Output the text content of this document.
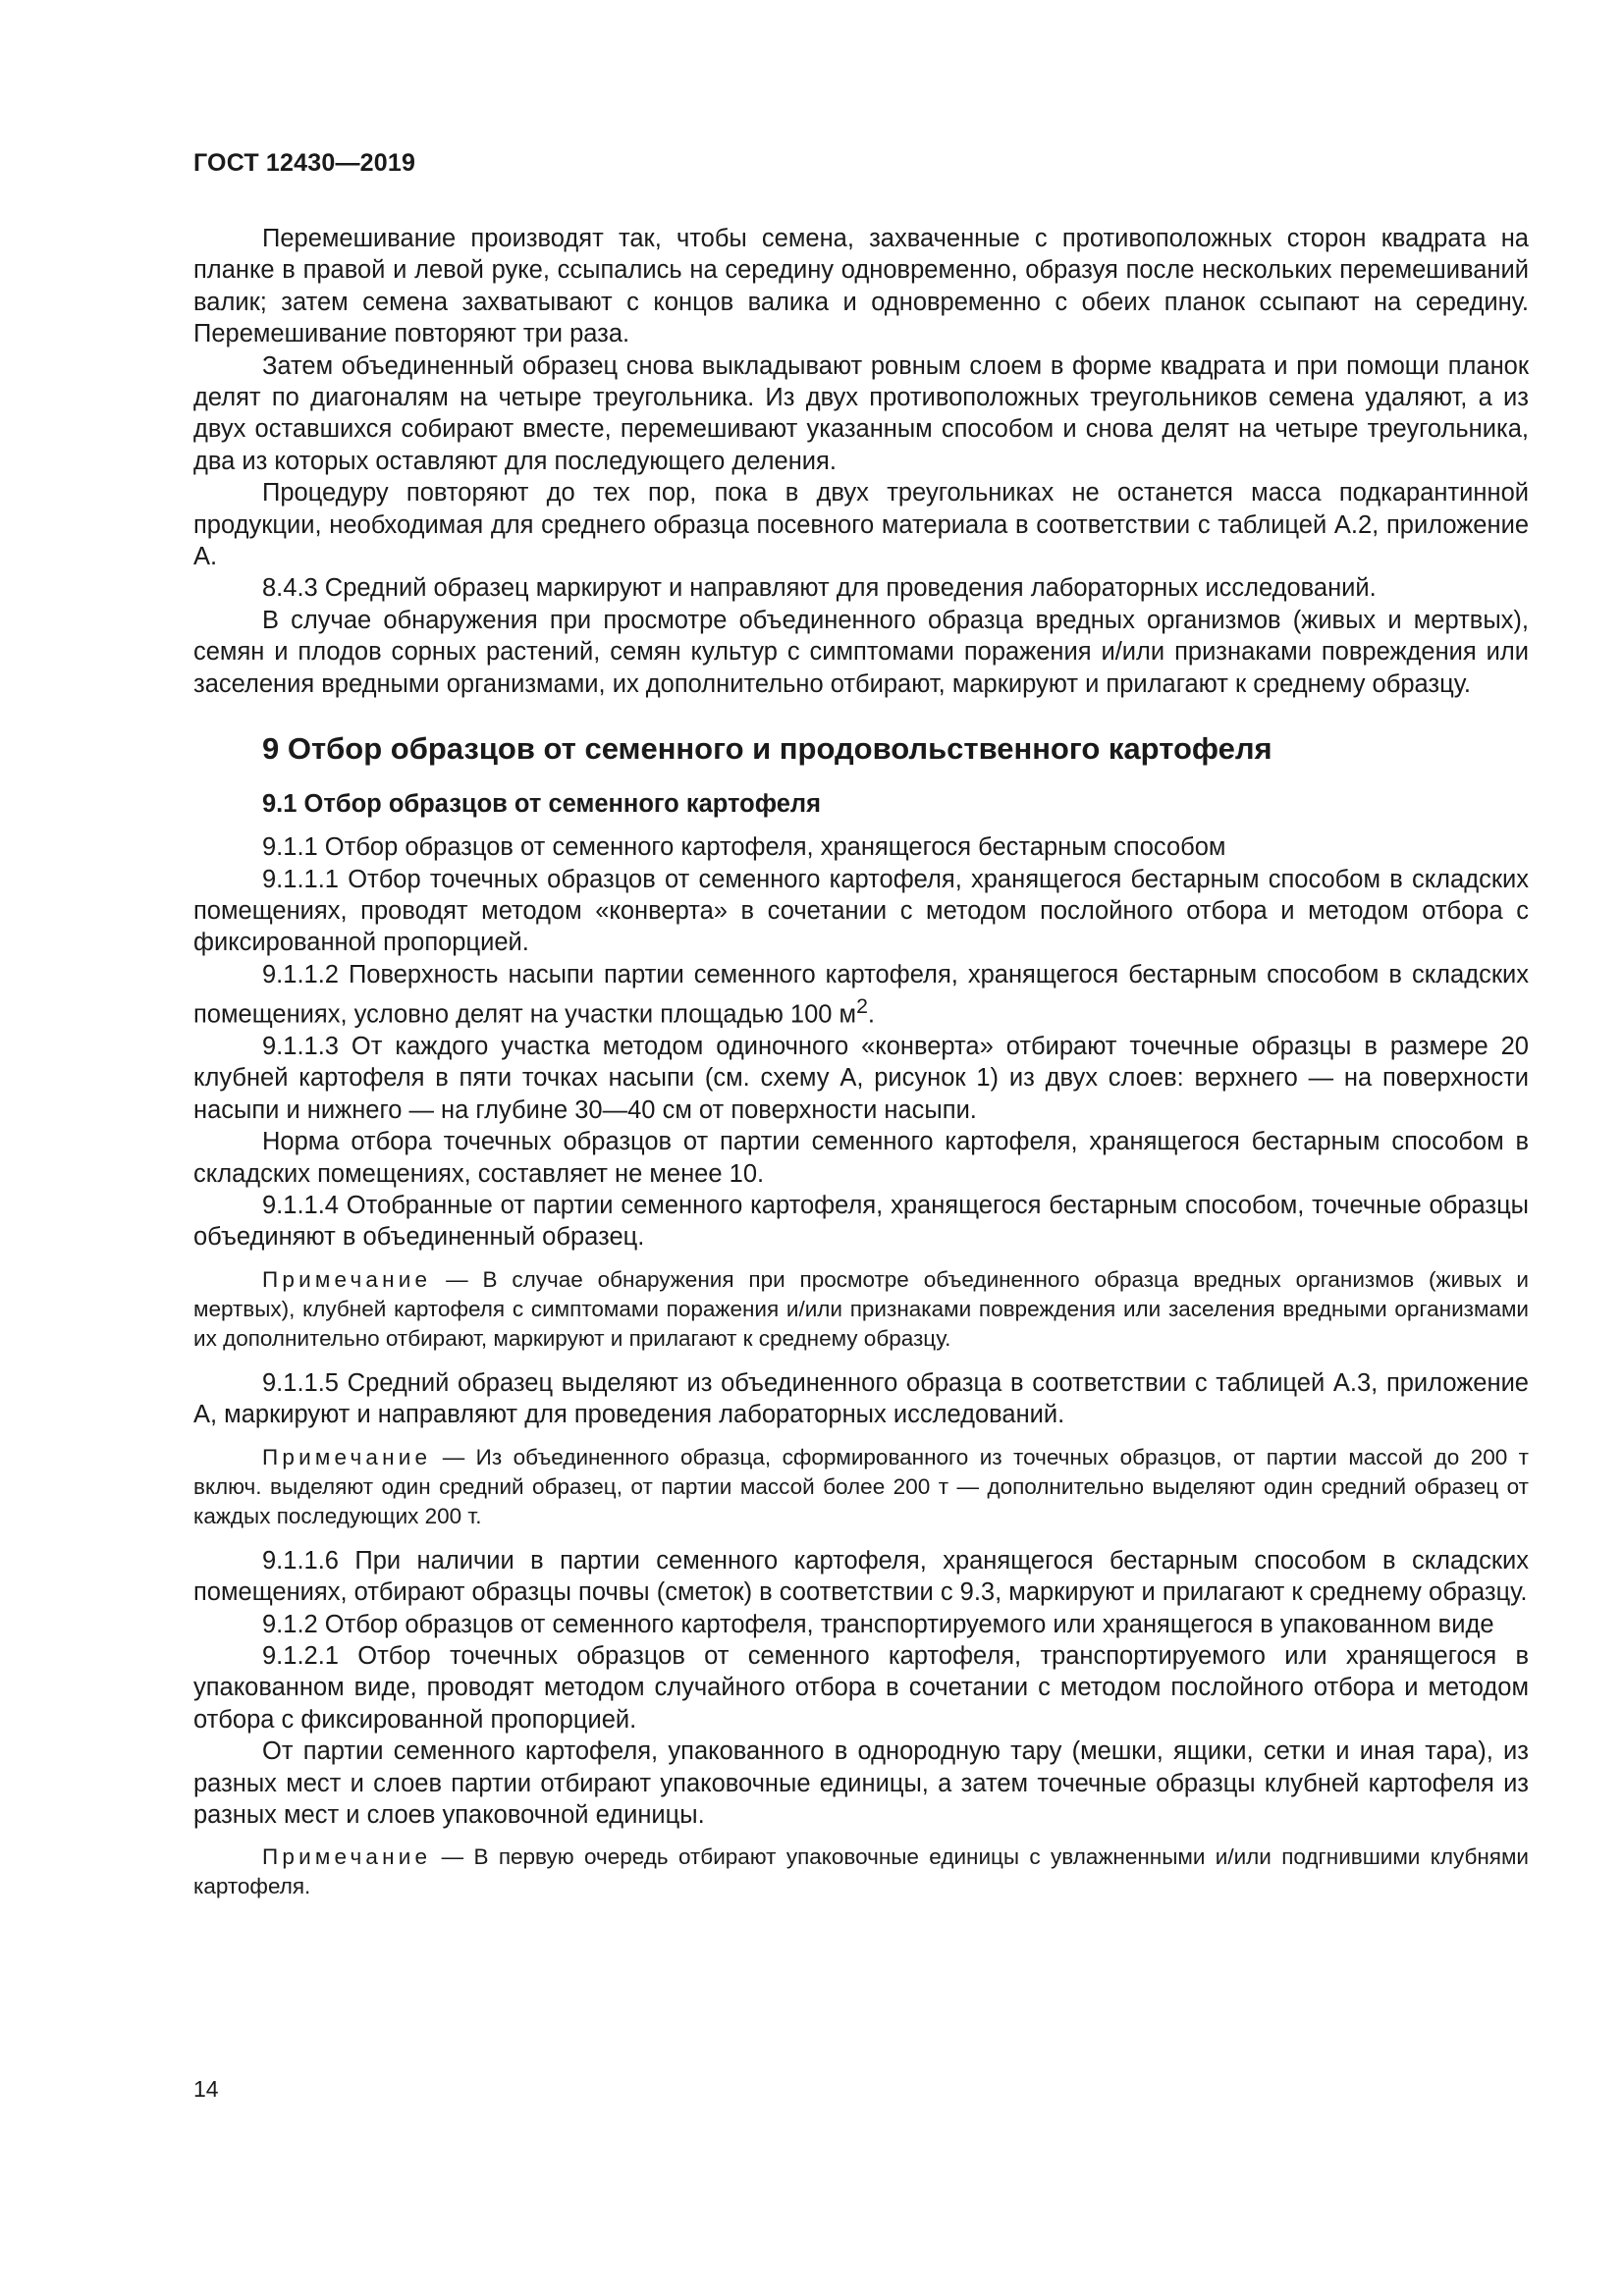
ГОСТ 12430—2019

Перемешивание производят так, чтобы семена, захваченные с противоположных сторон квадрата на планке в правой и левой руке, ссыпались на середину одновременно, образуя после нескольких перемешиваний валик; затем семена захватывают с концов валика и одновременно с обеих планок ссыпают на середину. Перемешивание повторяют три раза.

Затем объединенный образец снова выкладывают ровным слоем в форме квадрата и при помощи планок делят по диагоналям на четыре треугольника. Из двух противоположных треугольников семена удаляют, а из двух оставшихся собирают вместе, перемешивают указанным способом и снова делят на четыре треугольника, два из которых оставляют для последующего деления.

Процедуру повторяют до тех пор, пока в двух треугольниках не останется масса подкарантинной продукции, необходимая для среднего образца посевного материала в соответствии с таблицей А.2, приложение А.

8.4.3 Средний образец маркируют и направляют для проведения лабораторных исследований.

В случае обнаружения при просмотре объединенного образца вредных организмов (живых и мертвых), семян и плодов сорных растений, семян культур с симптомами поражения и/или признаками повреждения или заселения вредными организмами, их дополнительно отбирают, маркируют и прилагают к среднему образцу.

9 Отбор образцов от семенного и продовольственного картофеля
9.1 Отбор образцов от семенного картофеля

9.1.1 Отбор образцов от семенного картофеля, хранящегося бестарным способом

9.1.1.1 Отбор точечных образцов от семенного картофеля, хранящегося бестарным способом в складских помещениях, проводят методом «конверта» в сочетании с методом послойного отбора и методом отбора с фиксированной пропорцией.

9.1.1.2 Поверхность насыпи партии семенного картофеля, хранящегося бестарным способом в складских помещениях, условно делят на участки площадью 100 $м^2$.

9.1.1.3 От каждого участка методом одиночного «конверта» отбирают точечные образцы в размере 20 клубней картофеля в пяти точках насыпи (см. схему А, рисунок 1) из двух слоев: верхнего — на поверхности насыпи и нижнего — на глубине 30—40 см от поверхности насыпи.

Норма отбора точечных образцов от партии семенного картофеля, хранящегося бестарным способом в складских помещениях, составляет не менее 10.

9.1.1.4 Отобранные от партии семенного картофеля, хранящегося бестарным способом, точечные образцы объединяют в объединенный образец.

Примечание — В случае обнаружения при просмотре объединенного образца вредных организмов (живых и мертвых), клубней картофеля с симптомами поражения и/или признаками повреждения или заселения вредными организмами их дополнительно отбирают, маркируют и прилагают к среднему образцу.

9.1.1.5 Средний образец выделяют из объединенного образца в соответствии с таблицей А.3, приложение А, маркируют и направляют для проведения лабораторных исследований.

Примечание — Из объединенного образца, сформированного из точечных образцов, от партии массой до 200 т включ. выделяют один средний образец, от партии массой более 200 т — дополнительно выделяют один средний образец от каждых последующих 200 т.

9.1.1.6 При наличии в партии семенного картофеля, хранящегося бестарным способом в складских помещениях, отбирают образцы почвы (сметок) в соответствии с 9.3, маркируют и прилагают к среднему образцу.

9.1.2 Отбор образцов от семенного картофеля, транспортируемого или хранящегося в упакованном виде

9.1.2.1 Отбор точечных образцов от семенного картофеля, транспортируемого или хранящегося в упакованном виде, проводят методом случайного отбора в сочетании с методом послойного отбора и методом отбора с фиксированной пропорцией.

От партии семенного картофеля, упакованного в однородную тару (мешки, ящики, сетки и иная тара), из разных мест и слоев партии отбирают упаковочные единицы, а затем точечные образцы клубней картофеля из разных мест и слоев упаковочной единицы.

Примечание — В первую очередь отбирают упаковочные единицы с увлажненными и/или подгнившими клубнями картофеля.

14
